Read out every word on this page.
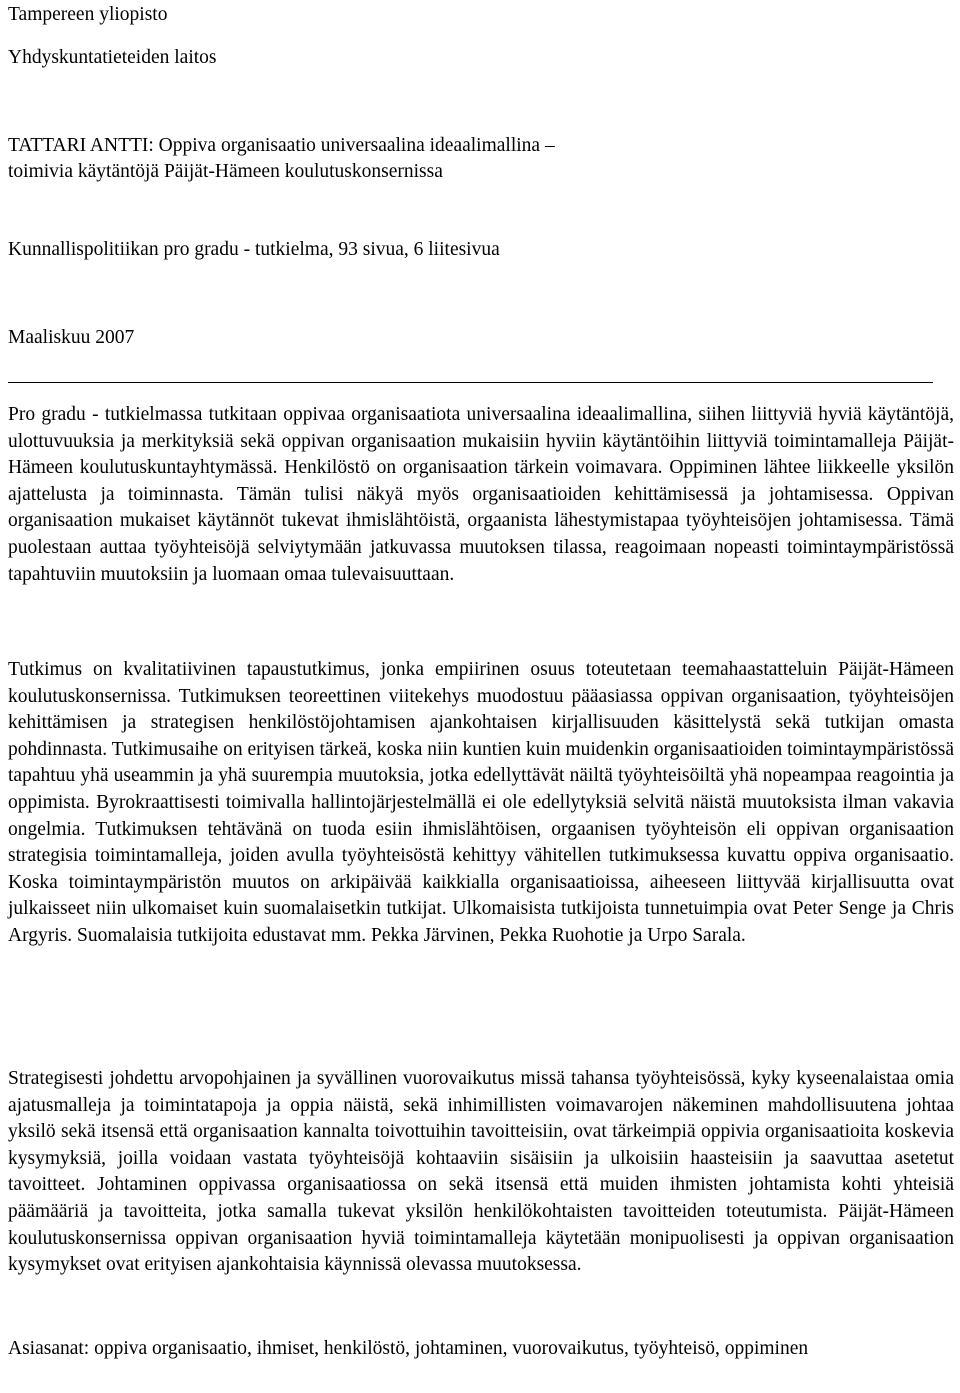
Tampereen yliopisto

Yhdyskuntatieteiden laitos

TATTARI ANTTI: Oppiva organisaatio universaalina ideaalimallina –

toimivia käytäntöjä Päijät-Hämeen koulutuskonsernissa

Kunnallispolitiikan pro gradu - tutkielma, 93 sivua, 6 liitesivua

Maaliskuu 2007

Pro gradu - tutkielmassa tutkitaan oppivaa organisaatiota universaalina ideaalimallina, siihen liittyviä hyviä käytäntöjä, ulottuvuuksia ja merkityksiä sekä oppivan organisaation mukaisiin hyviin käytäntöihin liittyviä toimintamalleja Päijät-Hämeen koulutuskuntayhtymässä. Henkilöstö on organisaation tärkein voimavara. Oppiminen lähtee liikkeelle yksilön ajattelusta ja toiminnasta. Tämän tulisi näkyä myös organisaatioiden kehittämisessä ja johtamisessa. Oppivan organisaation mukaiset käytännöt tukevat ihmislähtöistä, orgaanista lähestymistapaa työyhteisöjen johtamisessa. Tämä puolestaan auttaa työyhteisöjä selviytymään jatkuvassa muutoksen tilassa, reagoimaan nopeasti toimintaympäristössä tapahtuviin muutoksiin ja luomaan omaa tulevaisuuttaan.

Tutkimus on kvalitatiivinen tapaustutkimus, jonka empiirinen osuus toteutetaan teemahaastatteluin Päijät-Hämeen koulutuskonsernissa. Tutkimuksen teoreettinen viitekehys muodostuu pääasiassa oppivan organisaation, työyhteisöjen kehittämisen ja strategisen henkilöstöjohtamisen ajankohtaisen kirjallisuuden käsittelystä sekä tutkijan omasta pohdinnasta. Tutkimusaihe on erityisen tärkeä, koska niin kuntien kuin muidenkin organisaatioiden toimintaympäristössä tapahtuu yhä useammin ja yhä suurempia muutoksia, jotka edellyttävät näiltä työyhteisöiltä yhä nopeampaa reagointia ja oppimista. Byrokraattisesti toimivalla hallintojärjestelmällä ei ole edellytyksiä selvitä näistä muutoksista ilman vakavia ongelmia. Tutkimuksen tehtävänä on tuoda esiin ihmislähtöisen, orgaanisen työyhteisön eli oppivan organisaation strategisia toimintamalleja, joiden avulla työyhteisöstä kehittyy vähitellen tutkimuksessa kuvattu oppiva organisaatio. Koska toimintaympäristön muutos on arkipäivää kaikkialla organisaatioissa, aiheeseen liittyvää kirjallisuutta ovat julkaisseet niin ulkomaiset kuin suomalaisetkin tutkijat. Ulkomaisista tutkijoista tunnetuimpia ovat Peter Senge ja Chris Argyris. Suomalaisia tutkijoita edustavat mm. Pekka Järvinen, Pekka Ruohotie ja Urpo Sarala.

Strategisesti johdettu arvopohjainen ja syvällinen vuorovaikutus missä tahansa työyhteisössä, kyky kyseenalaistaa omia ajatusmalleja ja toimintatapoja ja oppia näistä, sekä inhimillisten voimavarojen näkeminen mahdollisuutena johtaa yksilö sekä itsensä että organisaation kannalta toivottuihin tavoitteisiin, ovat tärkeimpiä oppivia organisaatioita koskevia kysymyksiä, joilla voidaan vastata työyhteisöjä kohtaaviin sisäisiin ja ulkoisiin haasteisiin ja saavuttaa asetetut tavoitteet. Johtaminen oppivassa organisaatiossa on sekä itsensä että muiden ihmisten johtamista kohti yhteisiä päämääriä ja tavoitteita, jotka samalla tukevat yksilön henkilökohtaisten tavoitteiden toteutumista. Päijät-Hämeen koulutuskonsernissa oppivan organisaation hyviä toimintamalleja käytetään monipuolisesti ja oppivan organisaation kysymykset ovat erityisen ajankohtaisia käynnissä olevassa muutoksessa.

Asiasanat: oppiva organisaatio, ihmiset, henkilöstö, johtaminen, vuorovaikutus, työyhteisö, oppiminen
